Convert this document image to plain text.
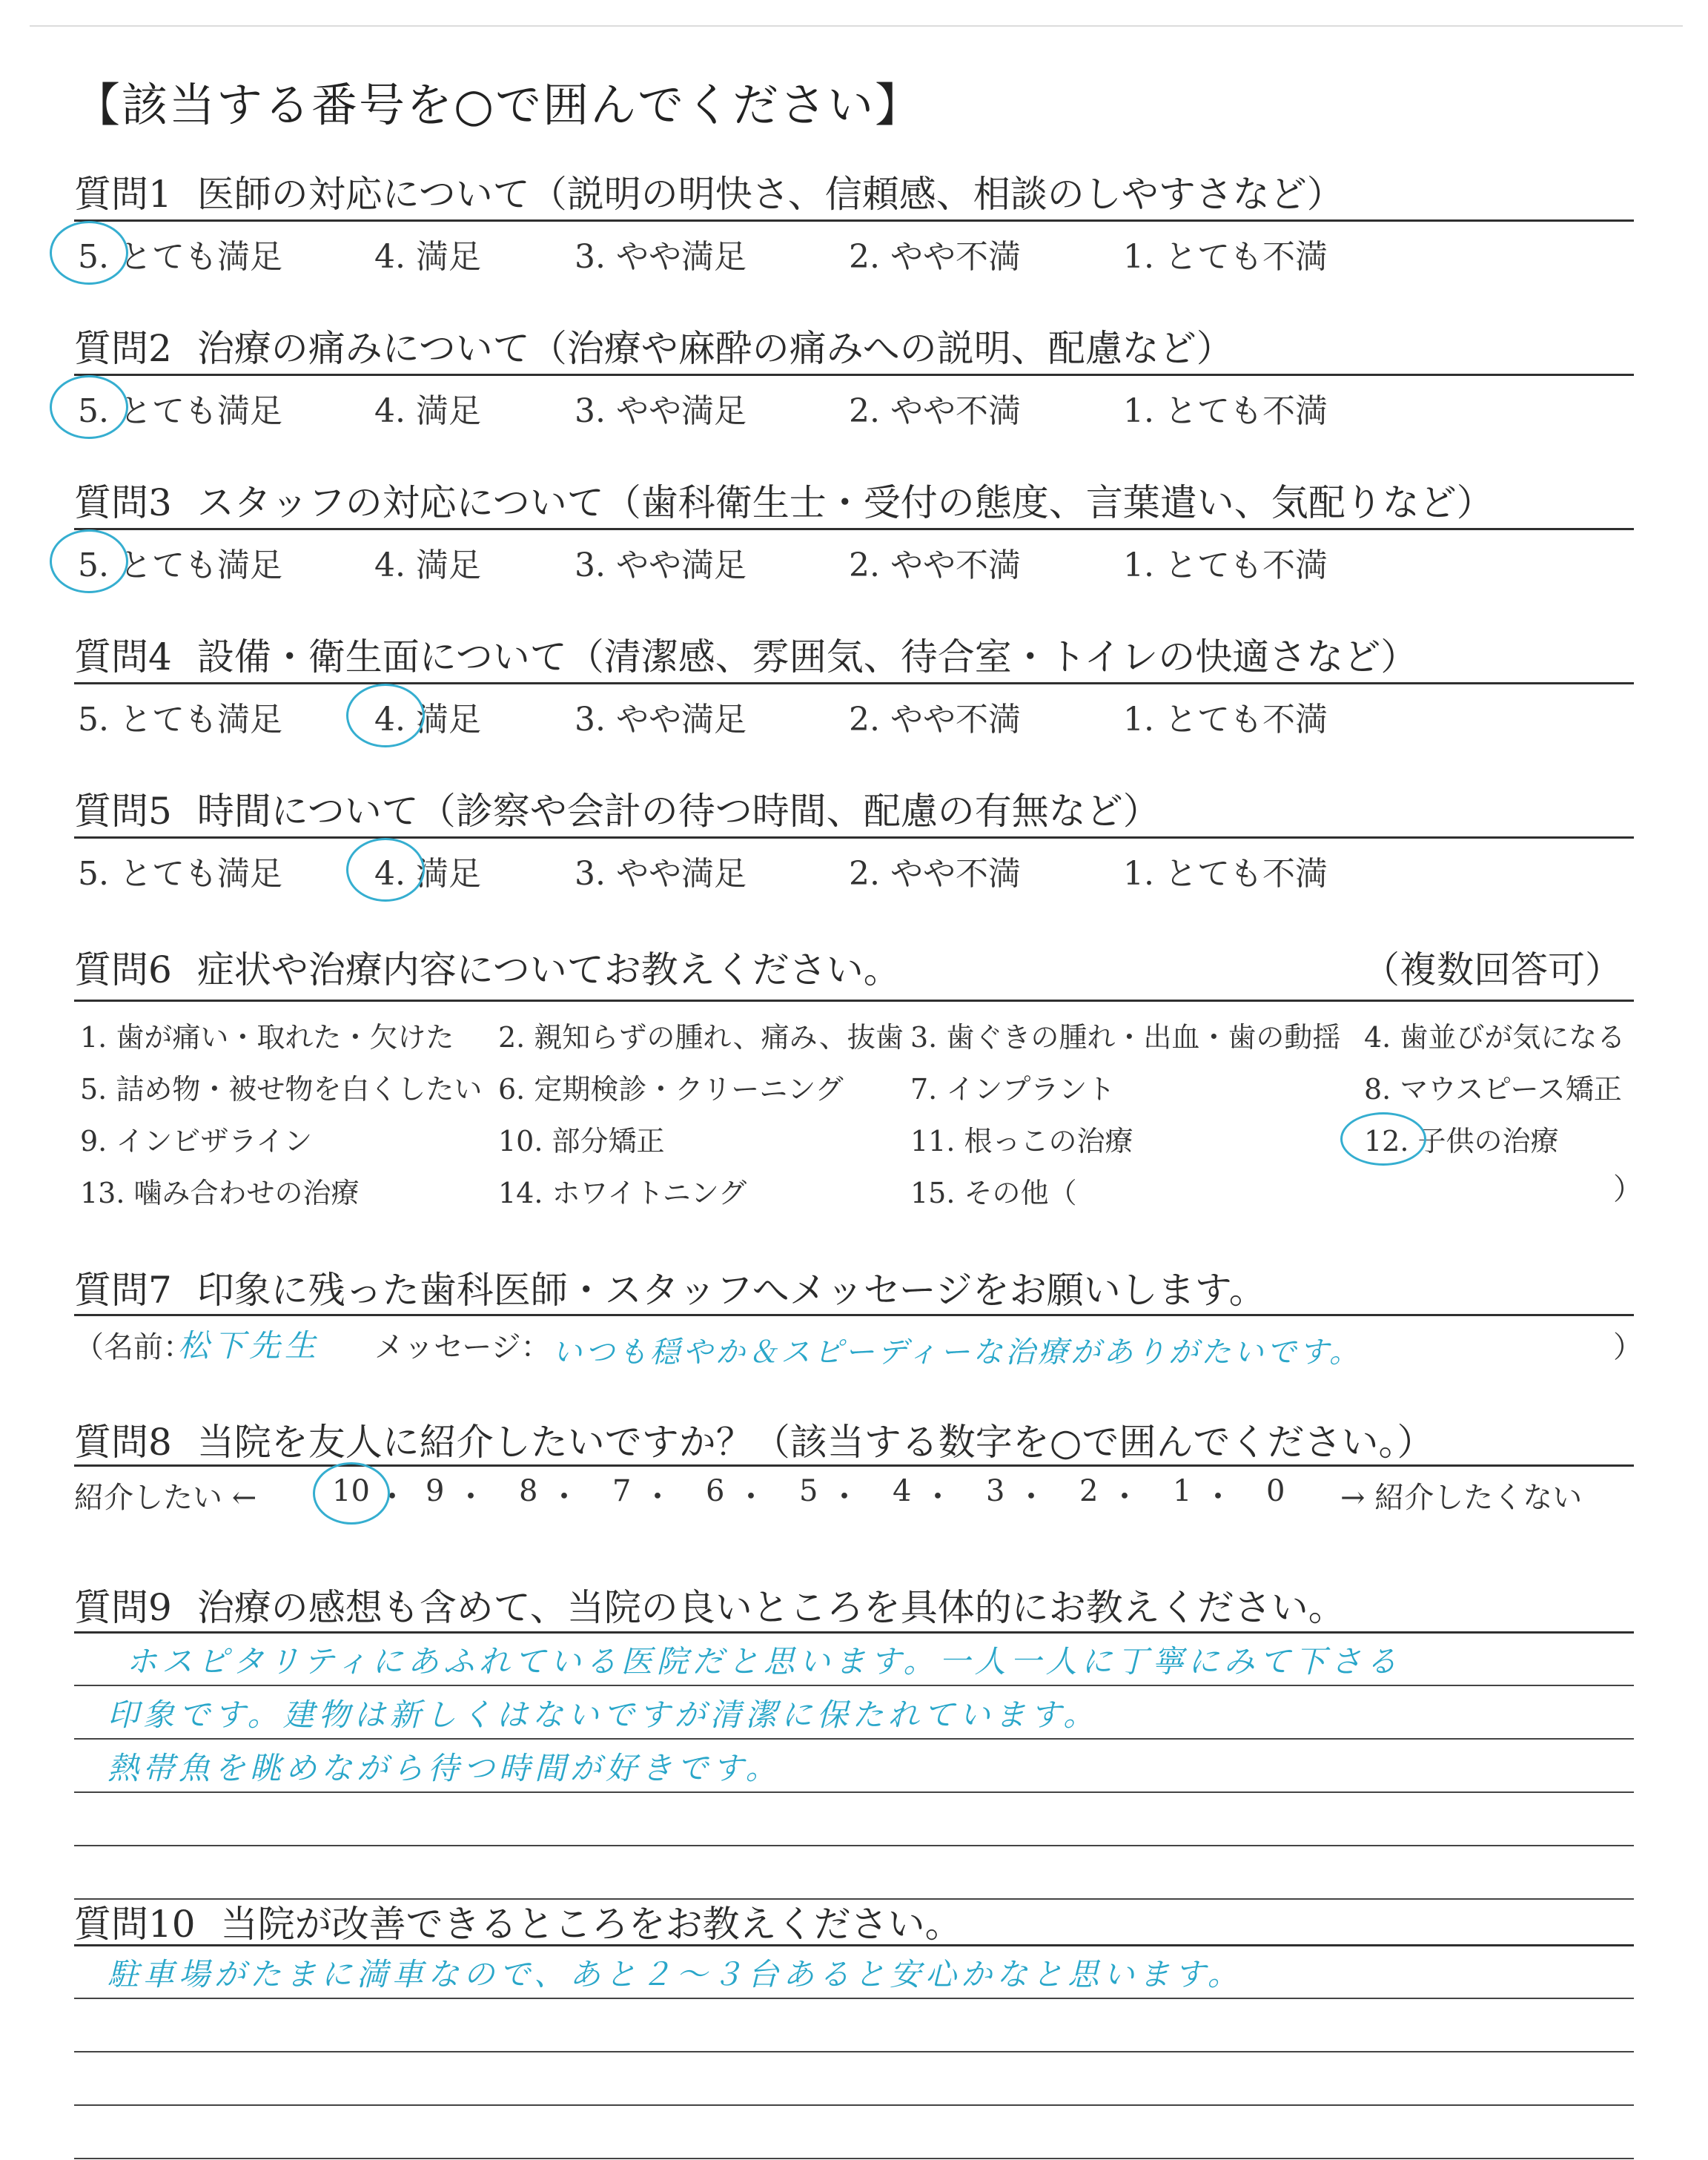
【該当する番号を○で囲んでください】
質問1 医師の対応について（説明の明快さ、信頼感、相談のしやすさなど）
5. とても満足	4. 満足	3. やや満足	2. やや不満	1. とても不満
質問2 治療の痛みについて（治療や麻酔の痛みへの説明、配慮など）
5. とても満足	4. 満足	3. やや満足	2. やや不満	1. とても不満
質問3 スタッフの対応について（歯科衛生士・受付の態度、言葉遣い、気配りなど）
5. とても満足	4. 満足	3. やや満足	2. やや不満	1. とても不満
質問4 設備・衛生面について（清潔感、雰囲気、待合室・トイレの快適さなど）
5. とても満足	4. 満足	3. やや満足	2. やや不満	1. とても不満
質問5 時間について（診察や会計の待つ時間、配慮の有無など）
5. とても満足	4. 満足	3. やや満足	2. やや不満	1. とても不満
質問6 症状や治療内容についてお教えください。	（複数回答可）
1. 歯が痛い・取れた・欠けた 2. 親知らずの腫れ、痛み、抜歯 3. 歯ぐきの腫れ・出血・歯の動揺 4. 歯並びが気になる
5. 詰め物・被せ物を白くしたい 6. 定期検診・クリーニング 7. インプラント	8. マウスピース矯正
9. インビザライン	10. 部分矯正	11. 根っこの治療	12. 子供の治療
13. 噛み合わせの治療	14. ホワイトニング	15. その他（	）
質問7 印象に残った歯科医師・スタッフへメッセージをお願いします。
（名前：
松下先生 メッセージ： いつも穏やか＆スピーディーな治療がありがたいです。	）
質問8 当院を友人に紹介したいですか？（該当する数字を○で囲んでください。）
紹介したい ←	10 ・ 9 ・ 8 ・ 7 ・ 6 ・ 5 ・ 4 ・ 3 ・ 2 ・ 1 ・ 0 → 紹介したくない
質問9 治療の感想も含めて、当院の良いところを具体的にお教えください。
ホスピタリティにあふれている医院だと思います。一人一人に丁寧にみて下さる
印象です。建物は新しくはないですが清潔に保たれています。
熱帯魚を眺めながら待つ時間が好きです。
質問10 当院が改善できるところをお教えください。
駐車場がたまに満車なので、あと２〜３台あると安心かなと思います。
